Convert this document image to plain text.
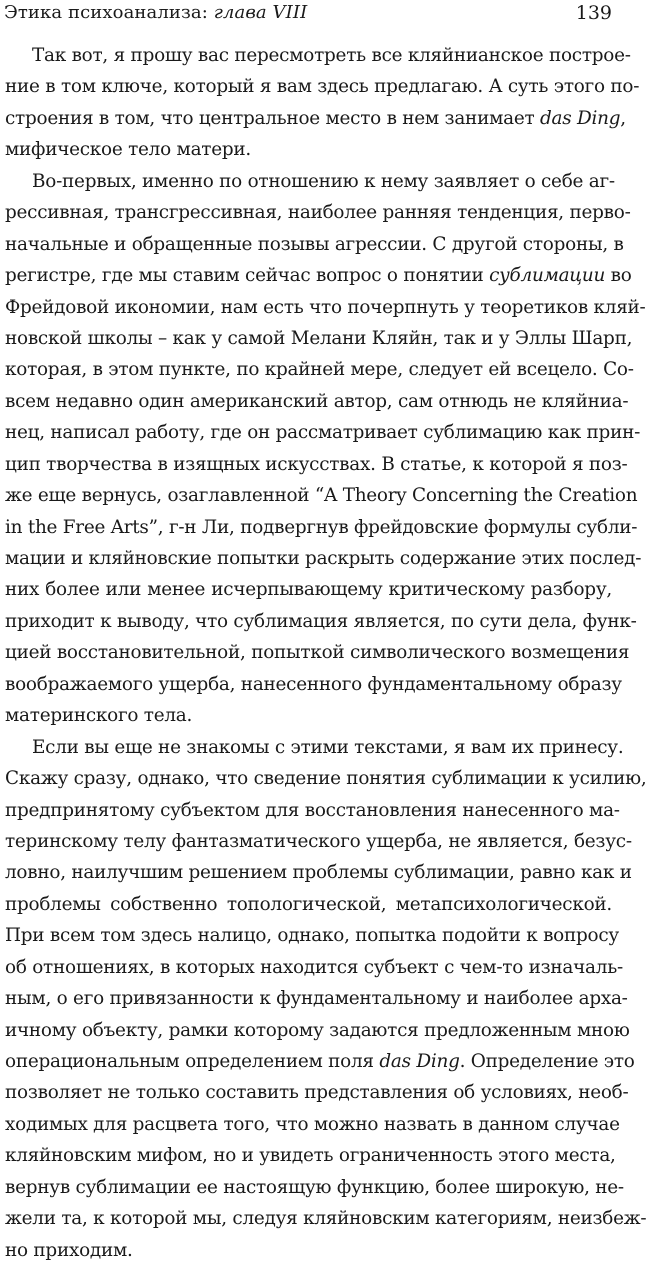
Этика психоанализа: глава VIII	139
Так вот, я прошу вас пересмотреть все кляйнианское построе-
ние в том ключе, который я вам здесь предлагаю. А суть этого по-
строения в том, что центральное место в нем занимает das Ding,
мифическое тело матери.
Во-первых, именно по отношению к нему заявляет о себе аг-
рессивная, трансгрессивная, наиболее ранняя тенденция, перво-
начальные и обращенные позывы агрессии. С другой стороны, в
регистре, где мы ставим сейчас вопрос о понятии сублимации во
Фрейдовой икономии, нам есть что почерпнуть у теоретиков кляй-
новской школы – как у самой Мелани Кляйн, так и у Эллы Шарп,
которая, в этом пункте, по крайней мере, следует ей всецело. Со-
всем недавно один американский автор, сам отнюдь не кляйниа-
нец, написал работу, где он рассматривает сублимацию как прин-
цип творчества в изящных искусствах. В статье, к которой я поз-
же еще вернусь, озаглавленной “A Theory Concerning the Creation
in the Free Arts”, г-н Ли, подвергнув фрейдовские формулы субли-
мации и кляйновские попытки раскрыть содержание этих послед-
них более или менее исчерпывающему критическому разбору,
приходит к выводу, что сублимация является, по сути дела, функ-
цией восстановительной, попыткой символического возмещения
воображаемого ущерба, нанесенного фундаментальному образу
материнского тела.
Если вы еще не знакомы с этими текстами, я вам их принесу.
Скажу сразу, однако, что сведение понятия сублимации к усилию,
предпринятому субъектом для восстановления нанесенного ма-
теринскому телу фантазматического ущерба, не является, безус-
ловно, наилучшим решением проблемы сублимации, равно как и
проблемы собственно топологической, метапсихологической.
При всем том здесь налицо, однако, попытка подойти к вопросу
об отношениях, в которых находится субъект с чем-то изначаль-
ным, о его привязанности к фундаментальному и наиболее арха-
ичному объекту, рамки которому задаются предложенным мною
операциональным определением поля das Ding. Определение это
позволяет не только составить представления об условиях, необ-
ходимых для расцвета того, что можно назвать в данном случае
кляйновским мифом, но и увидеть ограниченность этого места,
вернув сублимации ее настоящую функцию, более широкую, не-
жели та, к которой мы, следуя кляйновским категориям, неизбеж-
но приходим.
